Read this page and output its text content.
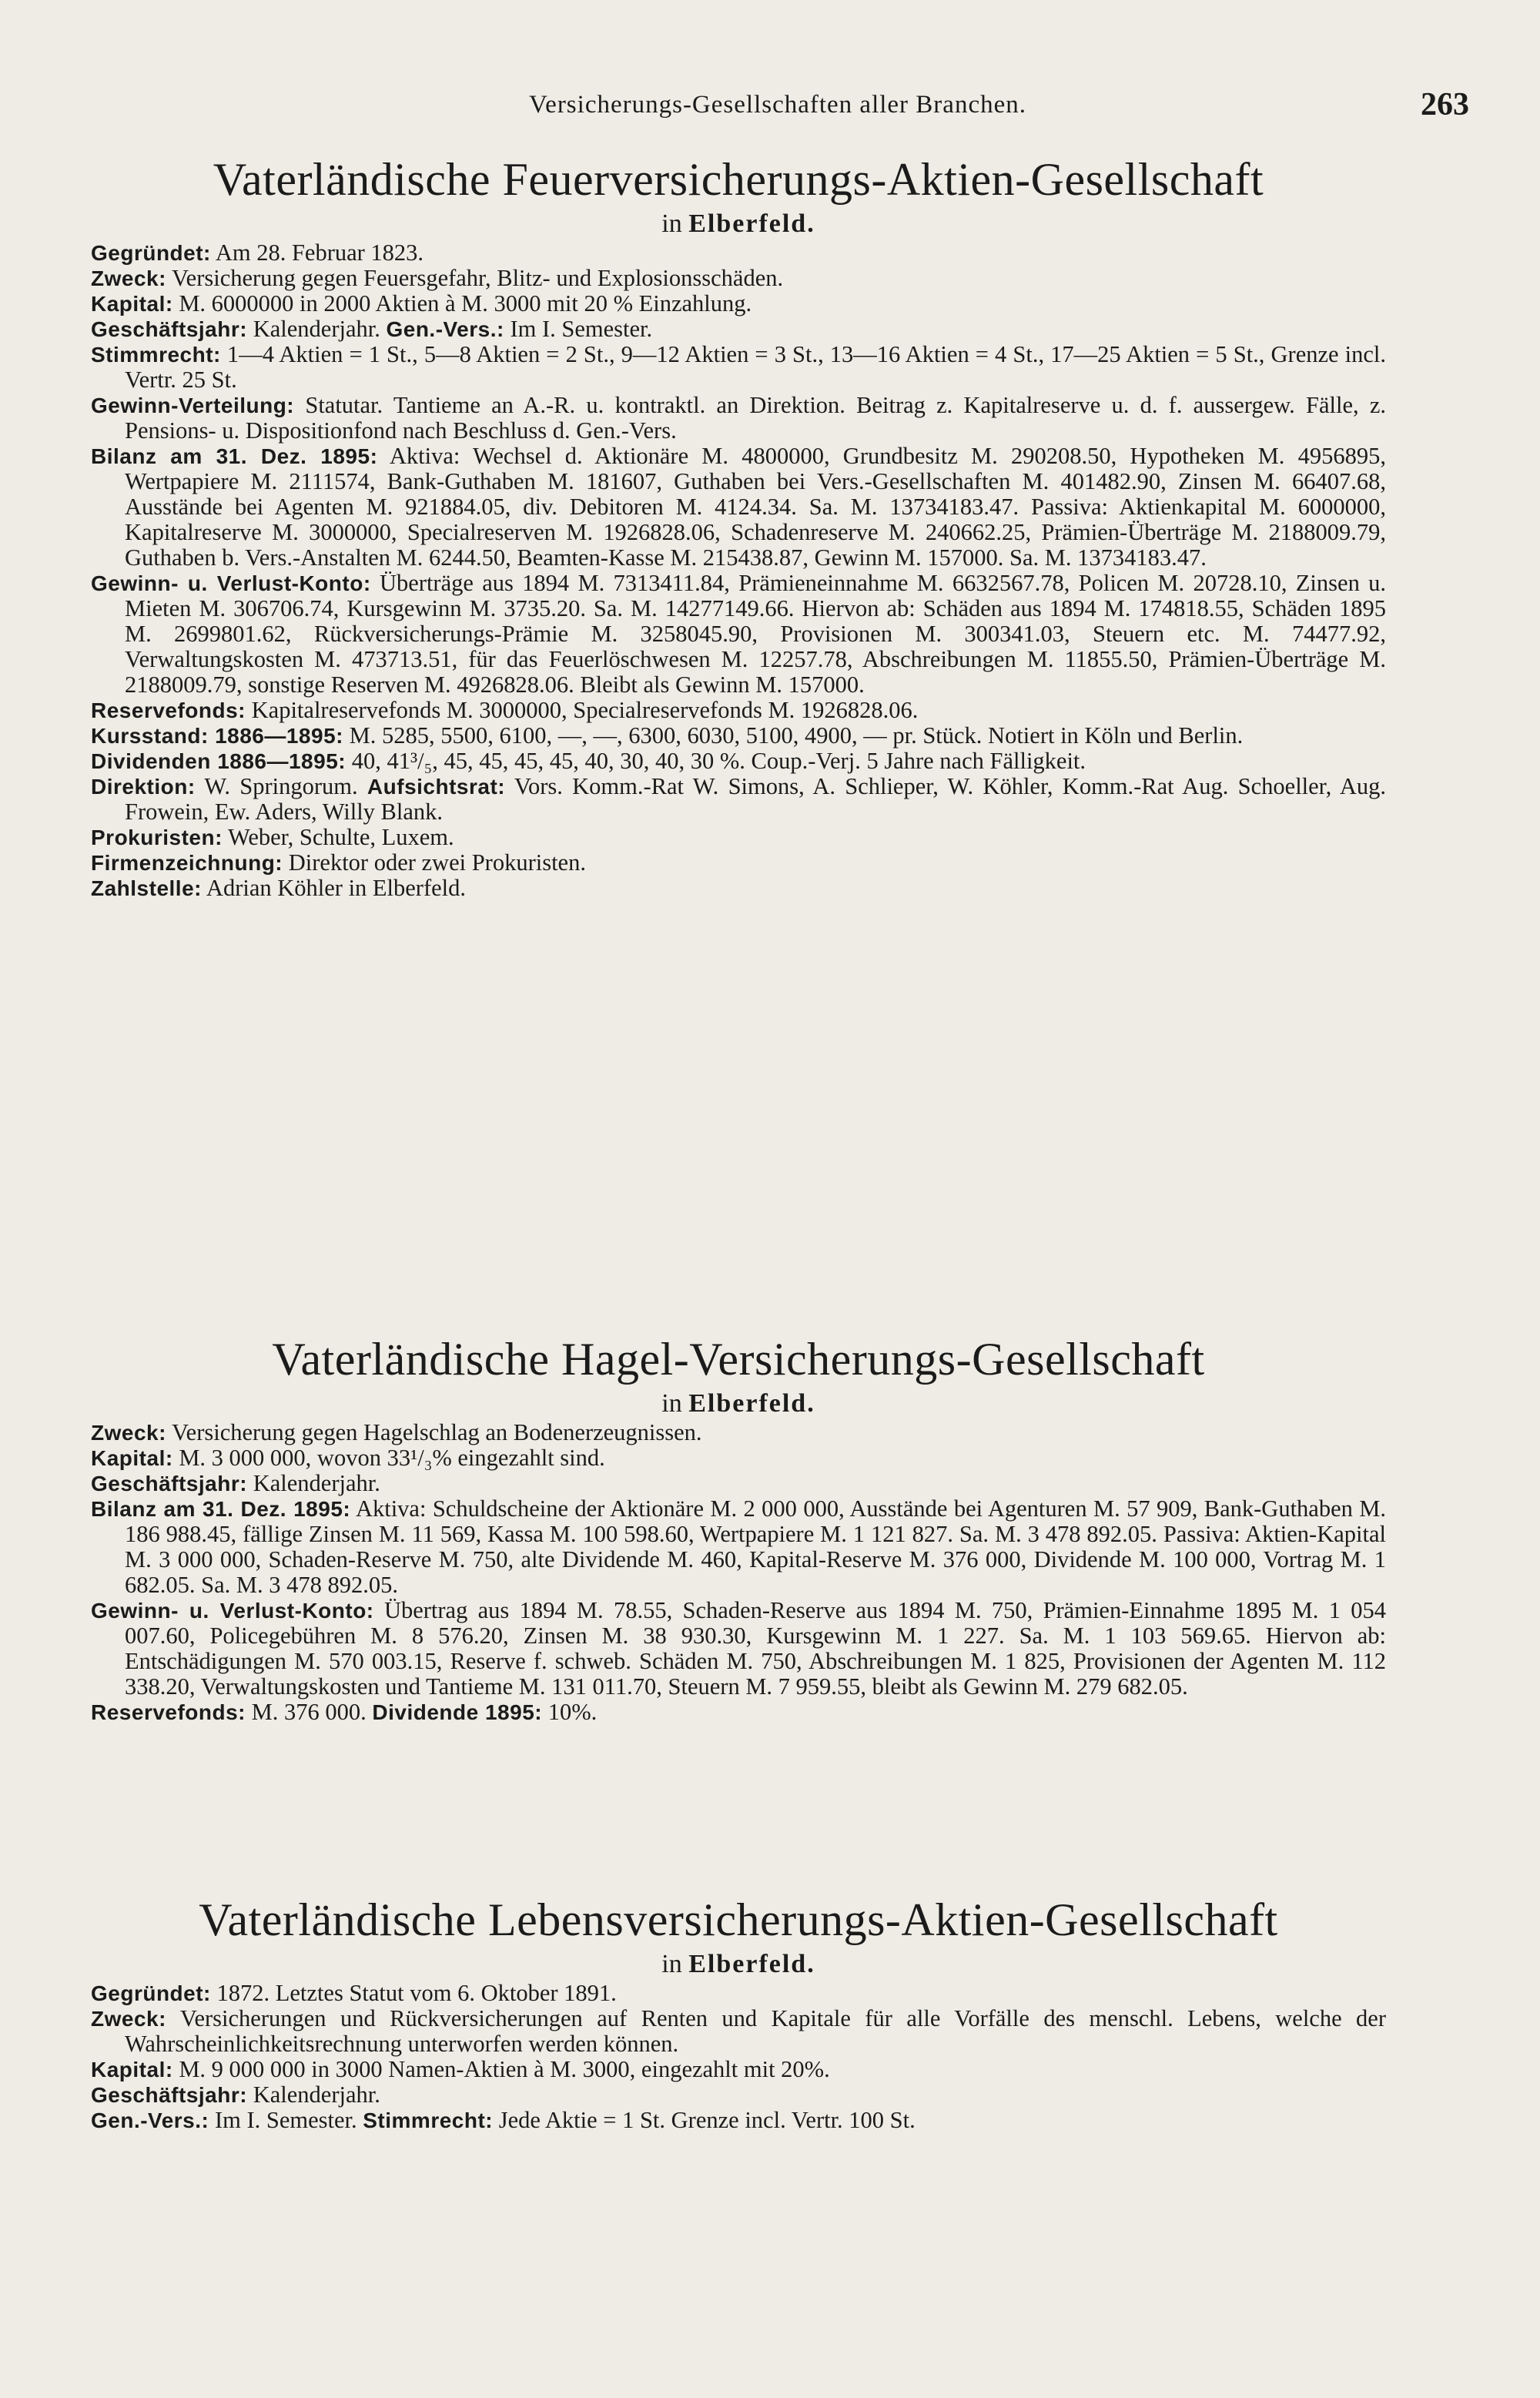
Versicherungs-Gesellschaften aller Branchen.	263
Vaterländische Feuerversicherungs-Aktien-Gesellschaft
in Elberfeld.

Gegründet: Am 28. Februar 1823.

Zweck: Versicherung gegen Feuersgefahr, Blitz- und Explosionsschäden.

Kapital: M. 6000000 in 2000 Aktien à M. 3000 mit 20 % Einzahlung.

Geschäftsjahr: Kalenderjahr. Gen.-Vers.: Im I. Semester.

Stimmrecht: 1—4 Aktien = 1 St., 5—8 Aktien = 2 St., 9—12 Aktien = 3 St., 13—16 Aktien = 4 St., 17—25 Aktien = 5 St., Grenze incl. Vertr. 25 St.

Gewinn-Verteilung: Statutar. Tantieme an A.-R. u. kontraktl. an Direktion. Beitrag z. Kapitalreserve u. d. f. aussergew. Fälle, z. Pensions- u. Dispositionfond nach Beschluss d. Gen.-Vers.

Bilanz am 31. Dez. 1895: Aktiva: Wechsel d. Aktionäre M. 4800000, Grundbesitz M. 290208.50, Hypotheken M. 4956895, Wertpapiere M. 2111574, Bank-Guthaben M. 181607, Guthaben bei Vers.-Gesellschaften M. 401482.90, Zinsen M. 66407.68, Ausstände bei Agenten M. 921884.05, div. Debitoren M. 4124.34. Sa. M. 13734183.47. Passiva: Aktienkapital M. 6000000, Kapitalreserve M. 3000000, Specialreserven M. 1926828.06, Schadenreserve M. 240662.25, Prämien-Überträge M. 2188009.79, Guthaben b. Vers.-Anstalten M. 6244.50, Beamten-Kasse M. 215438.87, Gewinn M. 157000. Sa. M. 13734183.47.

Gewinn- u. Verlust-Konto: Überträge aus 1894 M. 7313411.84, Prämieneinnahme M. 6632567.78, Policen M. 20728.10, Zinsen u. Mieten M. 306706.74, Kursgewinn M. 3735.20. Sa. M. 14277149.66. Hiervon ab: Schäden aus 1894 M. 174818.55, Schäden 1895 M. 2699801.62, Rückversicherungs-Prämie M. 3258045.90, Provisionen M. 300341.03, Steuern etc. M. 74477.92, Verwaltungskosten M. 473713.51, für das Feuerlöschwesen M. 12257.78, Abschreibungen M. 11855.50, Prämien-Überträge M. 2188009.79, sonstige Reserven M. 4926828.06. Bleibt als Gewinn M. 157000.

Reservefonds: Kapitalreservefonds M. 3000000, Specialreservefonds M. 1926828.06.

Kursstand: 1886—1895: M. 5285, 5500, 6100, —, —, 6300, 6030, 5100, 4900, — pr. Stück. Notiert in Köln und Berlin.

Dividenden 1886—1895: 40, 41³/₅, 45, 45, 45, 45, 40, 30, 40, 30 %. Coup.-Verj. 5 Jahre nach Fälligkeit.

Direktion: W. Springorum. Aufsichtsrat: Vors. Komm.-Rat W. Simons, A. Schlieper, W. Köhler, Komm.-Rat Aug. Schoeller, Aug. Frowein, Ew. Aders, Willy Blank.

Prokuristen: Weber, Schulte, Luxem.

Firmenzeichnung: Direktor oder zwei Prokuristen.

Zahlstelle: Adrian Köhler in Elberfeld.

Vaterländische Hagel-Versicherungs-Gesellschaft
in Elberfeld.

Zweck: Versicherung gegen Hagelschlag an Bodenerzeugnissen.

Kapital: M. 3 000 000, wovon 33¹/₃% eingezahlt sind.

Geschäftsjahr: Kalenderjahr.

Bilanz am 31. Dez. 1895: Aktiva: Schuldscheine der Aktionäre M. 2 000 000, Ausstände bei Agenturen M. 57 909, Bank-Guthaben M. 186 988.45, fällige Zinsen M. 11 569, Kassa M. 100 598.60, Wertpapiere M. 1 121 827. Sa. M. 3 478 892.05. Passiva: Aktien-Kapital M. 3 000 000, Schaden-Reserve M. 750, alte Dividende M. 460, Kapital-Reserve M. 376 000, Dividende M. 100 000, Vortrag M. 1 682.05. Sa. M. 3 478 892.05.

Gewinn- u. Verlust-Konto: Übertrag aus 1894 M. 78.55, Schaden-Reserve aus 1894 M. 750, Prämien-Einnahme 1895 M. 1 054 007.60, Policegebühren M. 8 576.20, Zinsen M. 38 930.30, Kursgewinn M. 1 227. Sa. M. 1 103 569.65. Hiervon ab: Entschädigungen M. 570 003.15, Reserve f. schweb. Schäden M. 750, Abschreibungen M. 1 825, Provisionen der Agenten M. 112 338.20, Verwaltungskosten und Tantieme M. 131 011.70, Steuern M. 7 959.55, bleibt als Gewinn M. 279 682.05.

Reservefonds: M. 376 000. Dividende 1895: 10%.

Vaterländische Lebensversicherungs-Aktien-Gesellschaft
in Elberfeld.

Gegründet: 1872. Letztes Statut vom 6. Oktober 1891.

Zweck: Versicherungen und Rückversicherungen auf Renten und Kapitale für alle Vorfälle des menschl. Lebens, welche der Wahrscheinlichkeitsrechnung unterworfen werden können.

Kapital: M. 9 000 000 in 3000 Namen-Aktien à M. 3000, eingezahlt mit 20%.

Geschäftsjahr: Kalenderjahr.

Gen.-Vers.: Im I. Semester. Stimmrecht: Jede Aktie = 1 St. Grenze incl. Vertr. 100 St.
